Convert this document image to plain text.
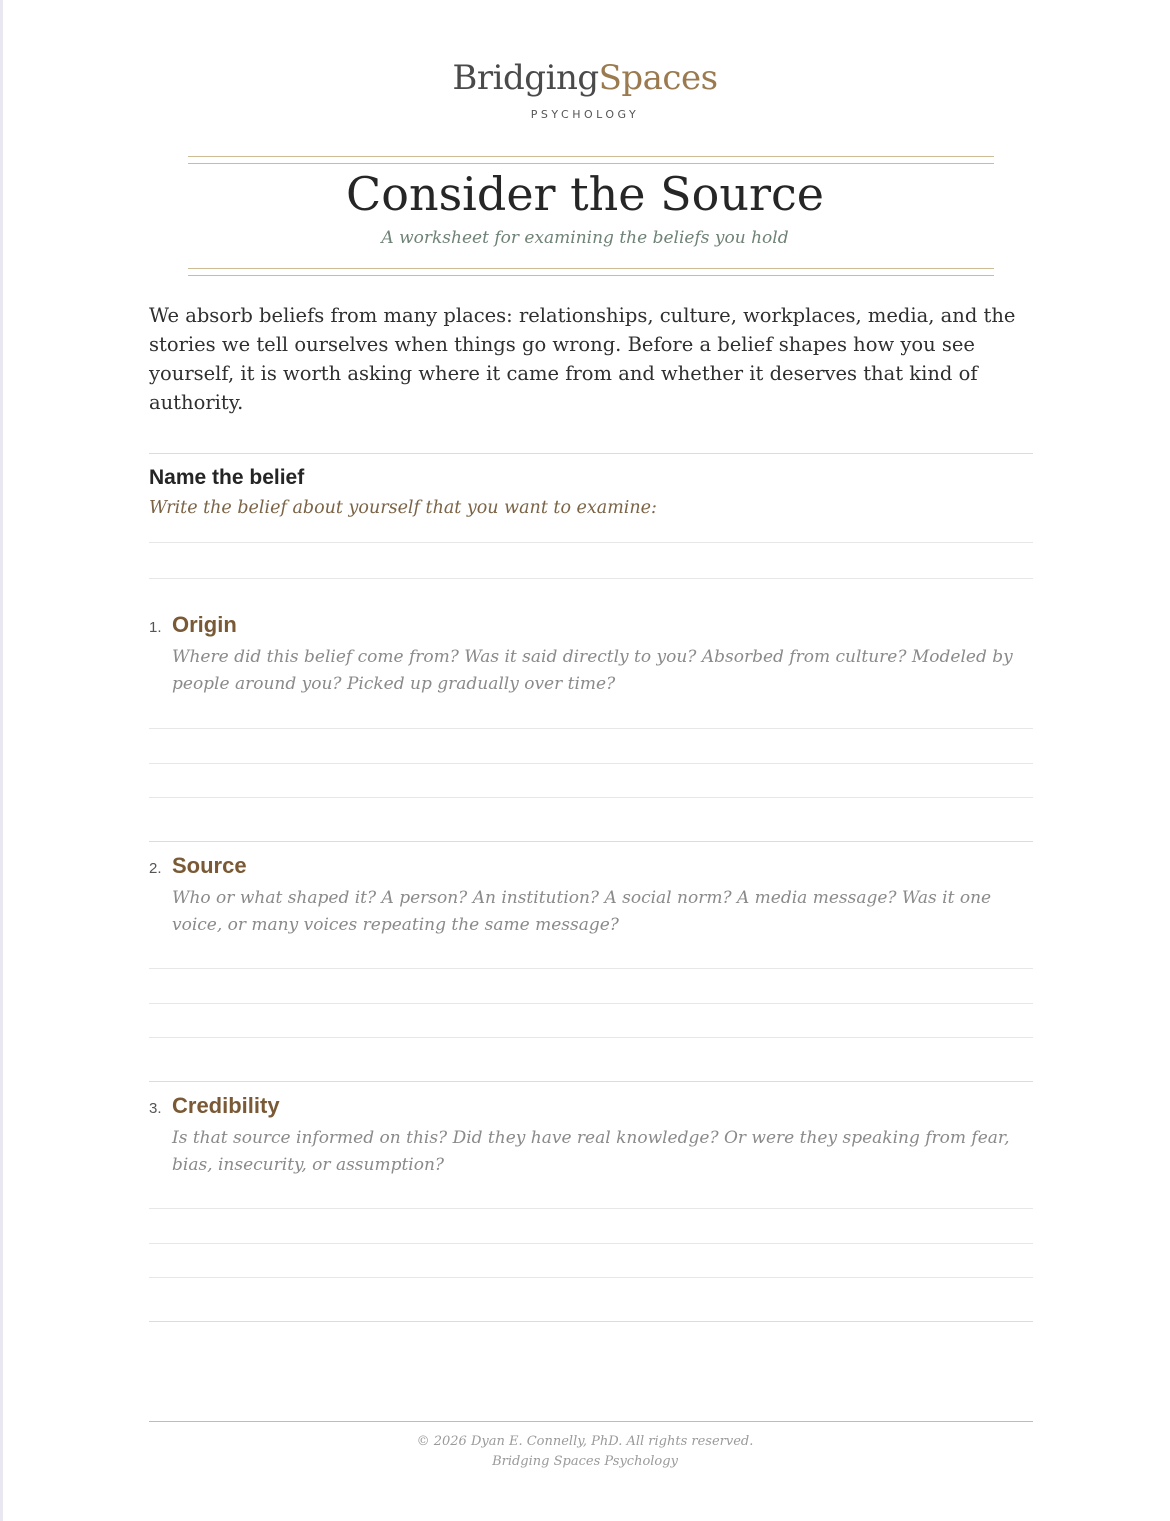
BridgingSpaces
PSYCHOLOGY
Consider the Source
A worksheet for examining the beliefs you hold
We absorb beliefs from many places: relationships, culture, workplaces, media, and the stories we tell ourselves when things go wrong. Before a belief shapes how you see yourself, it is worth asking where it came from and whether it deserves that kind of authority.
Name the belief
Write the belief about yourself that you want to examine:
1. Origin
Where did this belief come from? Was it said directly to you? Absorbed from culture? Modeled by people around you? Picked up gradually over time?
2. Source
Who or what shaped it? A person? An institution? A social norm? A media message? Was it one voice, or many voices repeating the same message?
3. Credibility
Is that source informed on this? Did they have real knowledge? Or were they speaking from fear, bias, insecurity, or assumption?
© 2026 Dyan E. Connelly, PhD. All rights reserved.
Bridging Spaces Psychology
